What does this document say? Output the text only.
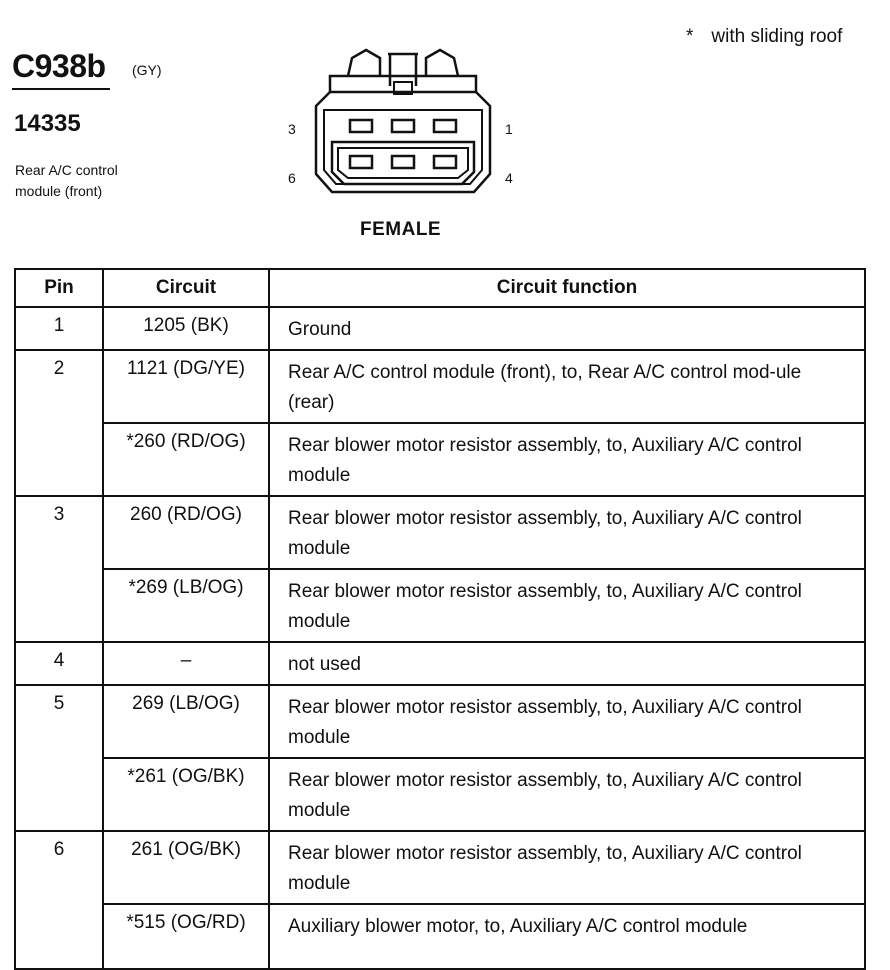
* with sliding roof
C938b (GY)
14335
Rear A/C control
module (front)
3	1
6	4
FEMALE
Pin	Circuit	Circuit function
1	1205 (BK)	Ground
2	1121 (DG/YE)	Rear A/C control module (front), to, Rear A/C control mod-ule (rear)
	*260 (RD/OG)	Rear blower motor resistor assembly, to, Auxiliary A/C control module
3	260 (RD/OG)	Rear blower motor resistor assembly, to, Auxiliary A/C control module
	*269 (LB/OG)	Rear blower motor resistor assembly, to, Auxiliary A/C control module
4	–	not used
5	269 (LB/OG)	Rear blower motor resistor assembly, to, Auxiliary A/C control module
	*261 (OG/BK)	Rear blower motor resistor assembly, to, Auxiliary A/C control module
6	261 (OG/BK)	Rear blower motor resistor assembly, to, Auxiliary A/C control module
	*515 (OG/RD)	Auxiliary blower motor, to, Auxiliary A/C control module
